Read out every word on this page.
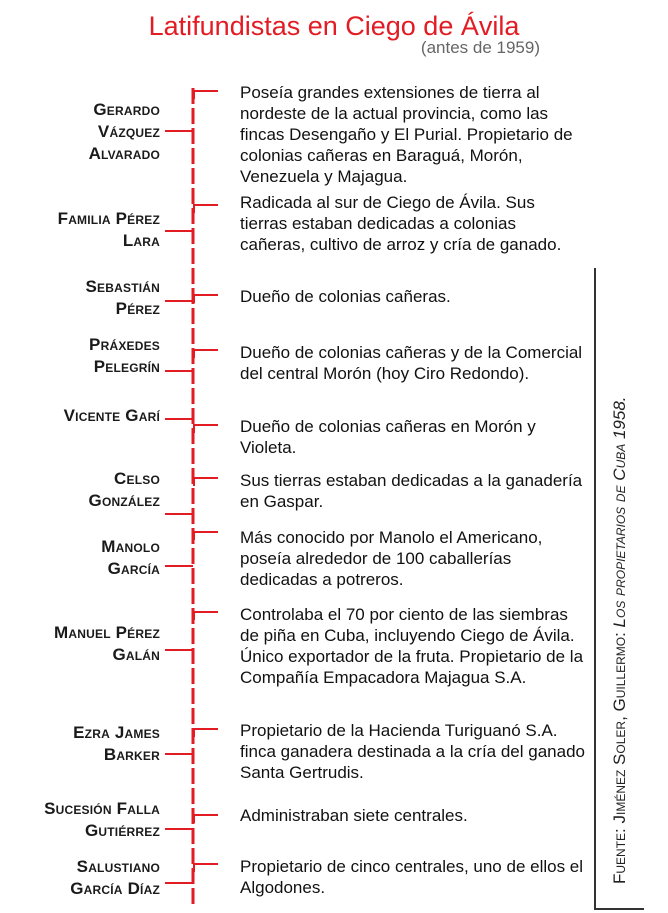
Latifundistas en Ciego de Ávila
(antes de 1959)
Gerardo
Vázquez
Alvarado
Poseía grandes extensiones de tierra al nordeste de la actual provincia, como las fincas Desengaño y El Purial. Propietario de colonias cañeras en Baraguá, Morón, Venezuela y Majagua.
Familia Pérez
Lara
Radicada al sur de Ciego de Ávila. Sus tierras estaban dedicadas a colonias cañeras, cultivo de arroz y cría de ganado.
Sebastián
Pérez
Dueño de colonias cañeras.
Práxedes
Pelegrín
Dueño de colonias cañeras y de la Comercial del central Morón (hoy Ciro Redondo).
Vicente Garí
Dueño de colonias cañeras en Morón y Violeta.
Celso
González
Sus tierras estaban dedicadas a la ganadería en Gaspar.
Manolo
García
Más conocido por Manolo el Americano, poseía alrededor de 100 caballerías dedicadas a potreros.
Manuel Pérez
Galán
Controlaba el 70 por ciento de las siembras de piña en Cuba, incluyendo Ciego de Ávila. Único exportador de la fruta. Propietario de la Compañía Empacadora Majagua S.A.
Ezra James
Barker
Propietario de la Hacienda Turiguanó S.A. finca ganadera destinada a la cría del ganado Santa Gertrudis.
Sucesión Falla
Gutiérrez
Administraban siete centrales.
Salustiano
García Díaz
Propietario de cinco centrales, uno de ellos el Algodones.
Fuente: Jiménez Soler, Guillermo: Los propietarios de Cuba 1958.
